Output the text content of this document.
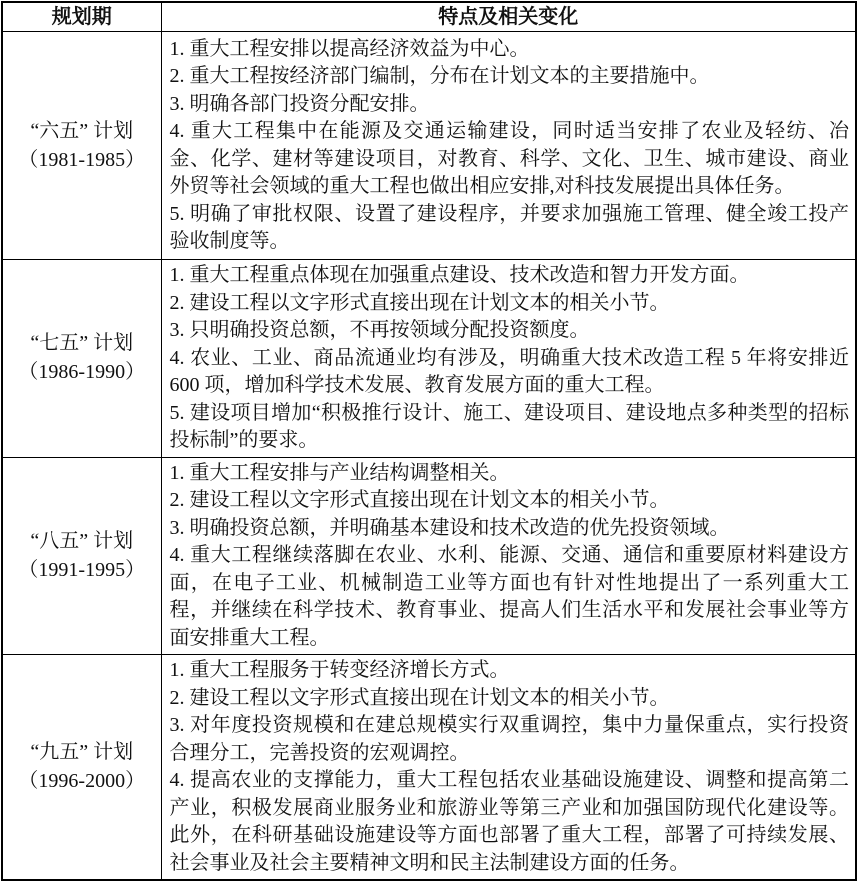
规划期	特点及相关变化

“六五” 计划
（1981-1985）

1. 重大工程安排以提高经济效益为中心。
2. 重大工程按经济部门编制，分布在计划文本的主要措施中。
3. 明确各部门投资分配安排。
4. 重大工程集中在能源及交通运输建设，同时适当安排了农业及轻纺、冶金、化学、建材等建设项目，对教育、科学、文化、卫生、城市建设、商业外贸等社会领域的重大工程也做出相应安排,对科技发展提出具体任务。
5. 明确了审批权限、设置了建设程序，并要求加强施工管理、健全竣工投产验收制度等。

“七五” 计划
（1986-1990）

1. 重大工程重点体现在加强重点建设、技术改造和智力开发方面。
2. 建设工程以文字形式直接出现在计划文本的相关小节。
3. 只明确投资总额，不再按领域分配投资额度。
4. 农业、工业、商品流通业均有涉及，明确重大技术改造工程 5 年将安排近 600 项，增加科学技术发展、教育发展方面的重大工程。
5. 建设项目增加“积极推行设计、施工、建设项目、建设地点多种类型的招标投标制”的要求。

“八五” 计划
（1991-1995）

1. 重大工程安排与产业结构调整相关。
2. 建设工程以文字形式直接出现在计划文本的相关小节。
3. 明确投资总额，并明确基本建设和技术改造的优先投资领域。
4. 重大工程继续落脚在农业、水利、能源、交通、通信和重要原材料建设方面，在电子工业、机械制造工业等方面也有针对性地提出了一系列重大工程，并继续在科学技术、教育事业、提高人们生活水平和发展社会事业等方面安排重大工程。

“九五” 计划
（1996-2000）

1. 重大工程服务于转变经济增长方式。
2. 建设工程以文字形式直接出现在计划文本的相关小节。
3. 对年度投资规模和在建总规模实行双重调控，集中力量保重点，实行投资合理分工，完善投资的宏观调控。
4. 提高农业的支撑能力，重大工程包括农业基础设施建设、调整和提高第二产业，积极发展商业服务业和旅游业等第三产业和加强国防现代化建设等。此外，在科研基础设施建设等方面也部署了重大工程，部署了可持续发展、社会事业及社会主要精神文明和民主法制建设方面的任务。
